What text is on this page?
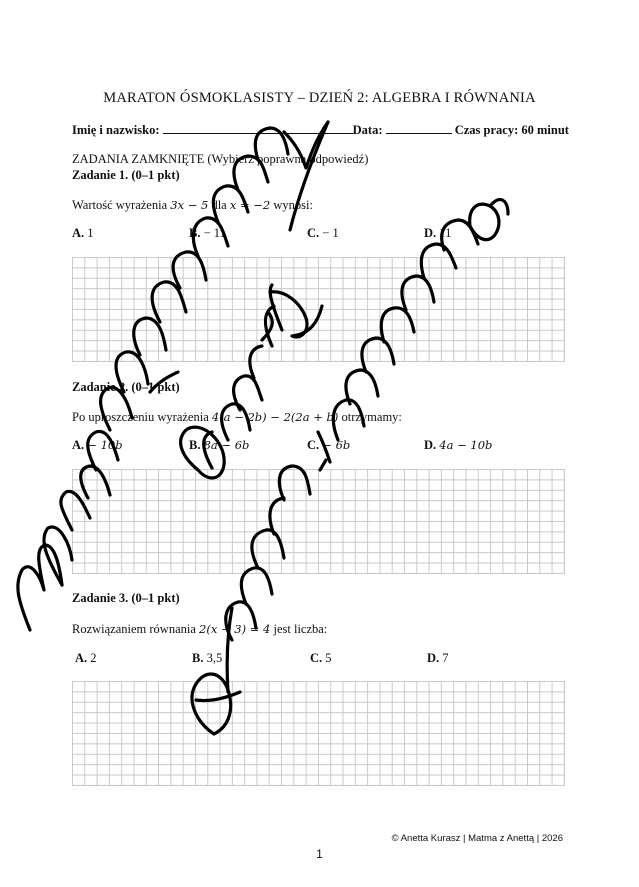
MARATON ÓSMOKLASISTY – DZIEŃ 2: ALGEBRA I RÓWNANIA
Imię i nazwisko:	Data:	Czas pracy: 60 minut
ZADANIA ZAMKNIĘTE (Wybierz poprawną odpowiedź)
Zadanie 1. (0–1 pkt)
Wartość wyrażenia 3x − 5 dla x = −2 wynosi:
A. 1	B. − 11	C. − 1	D. 11
Zadanie 2. (0–1 pkt)
Po uproszczeniu wyrażenia 4(a − 2b) − 2(2a + b) otrzymamy:
A. − 10b	B. 8a − 6b	C. − 6b	D. 4a − 10b
Zadanie 3. (0–1 pkt)
Rozwiązaniem równania 2(x − 3) = 4 jest liczba:
A. 2	B. 3,5	C. 5	D. 7
© Anetta Kurasz | Matma z Anettą | 2026
1
